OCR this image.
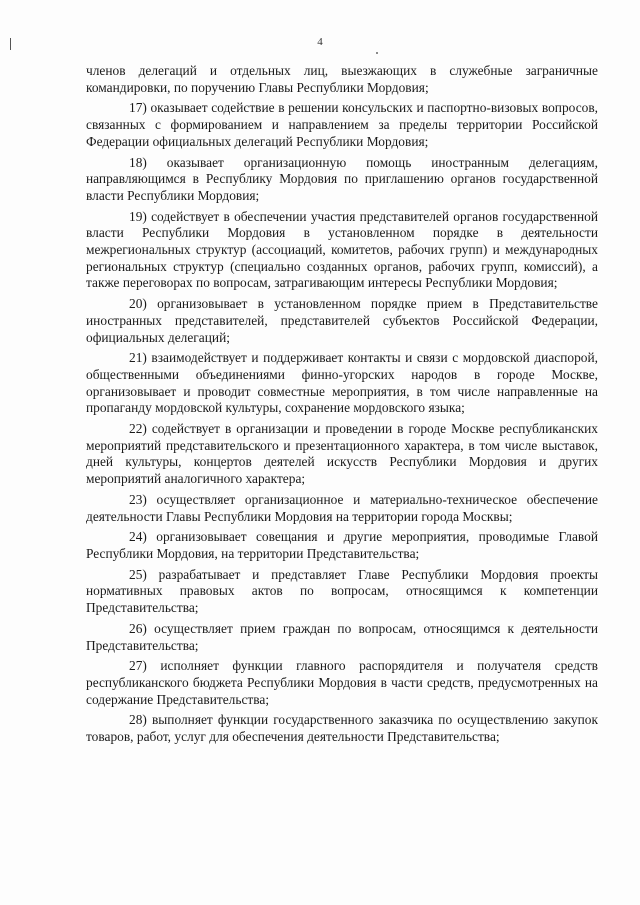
4

членов делегаций и отдельных лиц, выезжающих в служебные заграничные командировки, по поручению Главы Республики Мордовия;

17) оказывает содействие в решении консульских и паспортно-визовых вопросов, связанных с формированием и направлением за пределы территории Российской Федерации официальных делегаций Республики Мордовия;

18) оказывает организационную помощь иностранным делегациям, направляющимся в Республику Мордовия по приглашению органов государственной власти Республики Мордовия;

19) содействует в обеспечении участия представителей органов государственной власти Республики Мордовия в установленном порядке в деятельности межрегиональных структур (ассоциаций, комитетов, рабочих групп) и международных региональных структур (специально созданных органов, рабочих групп, комиссий), а также переговорах по вопросам, затрагивающим интересы Республики Мордовия;

20) организовывает в установленном порядке прием в Представительстве иностранных представителей, представителей субъектов Российской Федерации, официальных делегаций;

21) взаимодействует и поддерживает контакты и связи с мордовской диаспорой, общественными объединениями финно-угорских народов в городе Москве, организовывает и проводит совместные мероприятия, в том числе направленные на пропаганду мордовской культуры, сохранение мордовского языка;

22) содействует в организации и проведении в городе Москве республиканских мероприятий представительского и презентационного характера, в том числе выставок, дней культуры, концертов деятелей искусств Республики Мордовия и других мероприятий аналогичного характера;

23) осуществляет организационное и материально-техническое обеспечение деятельности Главы Республики Мордовия на территории города Москвы;

24) организовывает совещания и другие мероприятия, проводимые Главой Республики Мордовия, на территории Представительства;

25) разрабатывает и представляет Главе Республики Мордовия проекты нормативных правовых актов по вопросам, относящимся к компетенции Представительства;

26) осуществляет прием граждан по вопросам, относящимся к деятельности Представительства;

27) исполняет функции главного распорядителя и получателя средств республиканского бюджета Республики Мордовия в части средств, предусмотренных на содержание Представительства;

28) выполняет функции государственного заказчика по осуществлению закупок товаров, работ, услуг для обеспечения деятельности Представительства;
